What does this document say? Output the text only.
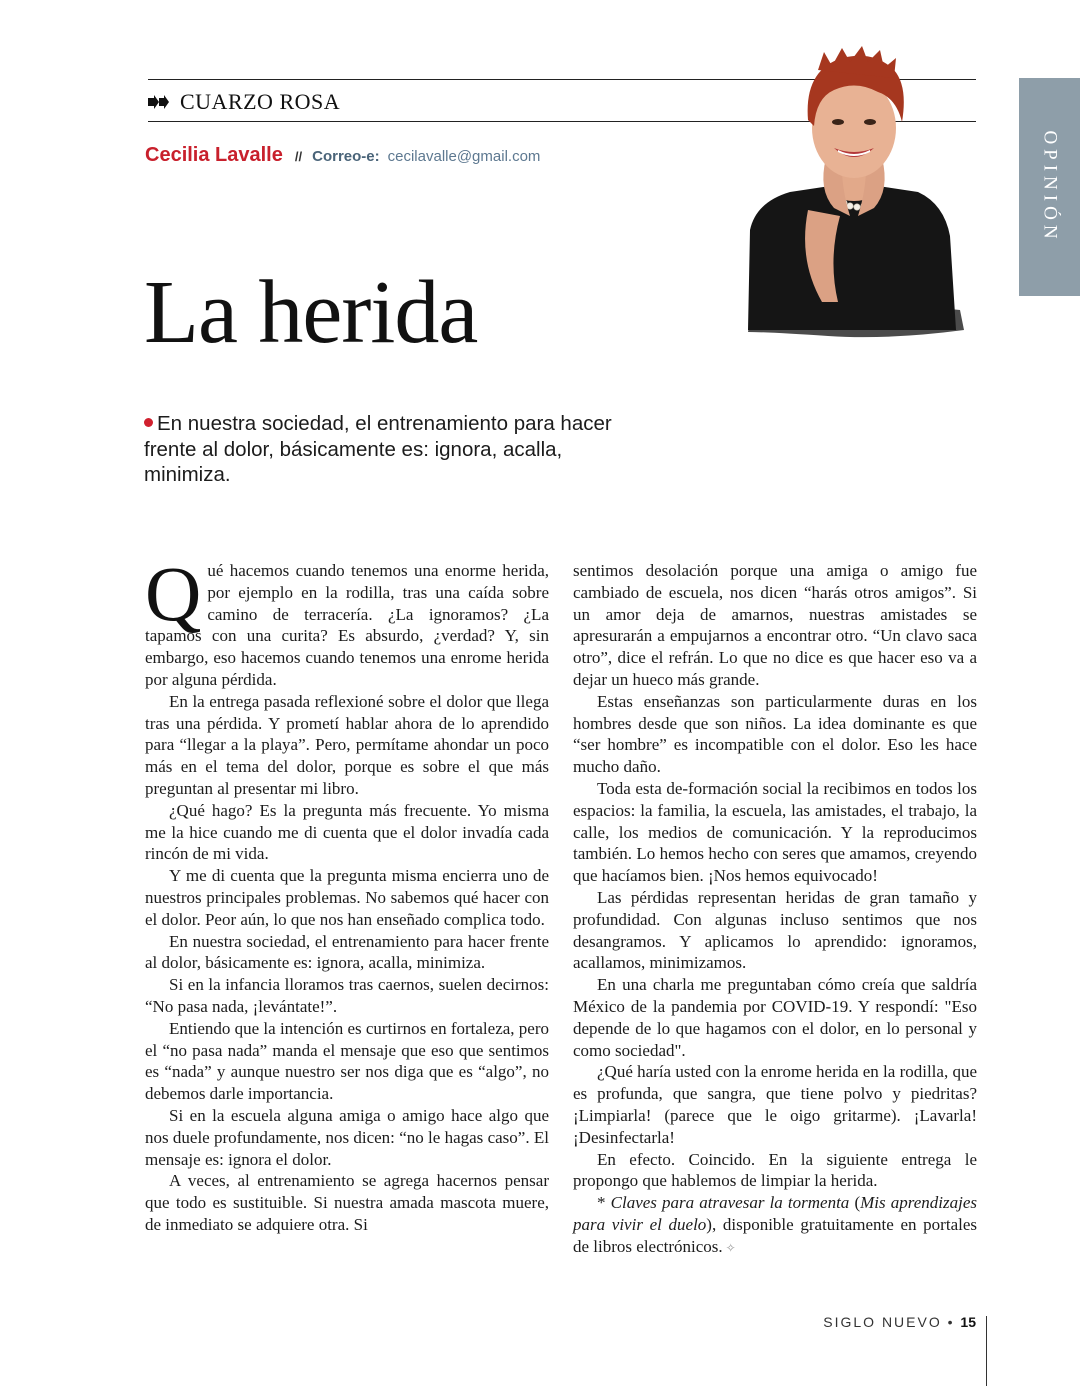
CUARZO ROSA
Cecilia Lavalle // Correo-e: cecilavalle@gmail.com	OPINIÓN
La herida

En nuestra sociedad, el entrenamiento para hacer frente al dolor, básicamente es: ignora, acalla, minimiza.

Qué hacemos cuando tenemos una enorme herida, por ejemplo en la rodilla, tras una caída sobre camino de terracería. ¿La ignoramos? ¿La tapamos con una curita? Es absurdo, ¿verdad? Y, sin embargo, eso hacemos cuando tenemos una enrome herida por alguna pérdida.

En la entrega pasada reflexioné sobre el dolor que llega tras una pérdida. Y prometí hablar ahora de lo aprendido para “llegar a la playa”. Pero, permítame ahondar un poco más en el tema del dolor, porque es sobre el que más preguntan al presentar mi libro.

¿Qué hago? Es la pregunta más frecuente. Yo misma me la hice cuando me di cuenta que el dolor invadía cada rincón de mi vida.

Y me di cuenta que la pregunta misma encierra uno de nuestros principales problemas. No sabemos qué hacer con el dolor. Peor aún, lo que nos han enseñado complica todo.

En nuestra sociedad, el entrenamiento para hacer frente al dolor, básicamente es: ignora, acalla, minimiza.

Si en la infancia lloramos tras caernos, suelen decirnos: “No pasa nada, ¡levántate!”.

Entiendo que la intención es curtirnos en fortaleza, pero el “no pasa nada” manda el mensaje que eso que sentimos es “nada” y aunque nuestro ser nos diga que es “algo”, no debemos darle importancia.

Si en la escuela alguna amiga o amigo hace algo que nos duele profundamente, nos dicen: “no le hagas caso”. El mensaje es: ignora el dolor.

A veces, al entrenamiento se agrega hacernos pensar que todo es sustituible. Si nuestra amada mascota muere, de inmediato se adquiere otra. Si

sentimos desolación porque una amiga o amigo fue cambiado de escuela, nos dicen “harás otros amigos”. Si un amor deja de amarnos, nuestras amistades se apresurarán a empujarnos a encontrar otro. “Un clavo saca otro”, dice el refrán. Lo que no dice es que hacer eso va a dejar un hueco más grande.

Estas enseñanzas son particularmente duras en los hombres desde que son niños. La idea dominante es que “ser hombre” es incompatible con el dolor. Eso les hace mucho daño.

Toda esta de-formación social la recibimos en todos los espacios: la familia, la escuela, las amistades, el trabajo, la calle, los medios de comunicación. Y la reproducimos también. Lo hemos hecho con seres que amamos, creyendo que hacíamos bien. ¡Nos hemos equivocado!

Las pérdidas representan heridas de gran tamaño y profundidad. Con algunas incluso sentimos que nos desangramos. Y aplicamos lo aprendido: ignoramos, acallamos, minimizamos.

En una charla me preguntaban cómo creía que saldría México de la pandemia por COVID-19. Y respondí: "Eso depende de lo que hagamos con el dolor, en lo personal y como sociedad".

¿Qué haría usted con la enrome herida en la rodilla, que es profunda, que sangra, que tiene polvo y piedritas? ¡Limpiarla! (parece que le oigo gritarme). ¡Lavarla! ¡Desinfectarla!

En efecto. Coincido. En la siguiente entrega le propongo que hablemos de limpiar la herida.

* Claves para atravesar la tormenta (Mis aprendizajes para vivir el duelo), disponible gratuitamente en portales de libros electrónicos. ✧

SIGLO NUEVO • 15
